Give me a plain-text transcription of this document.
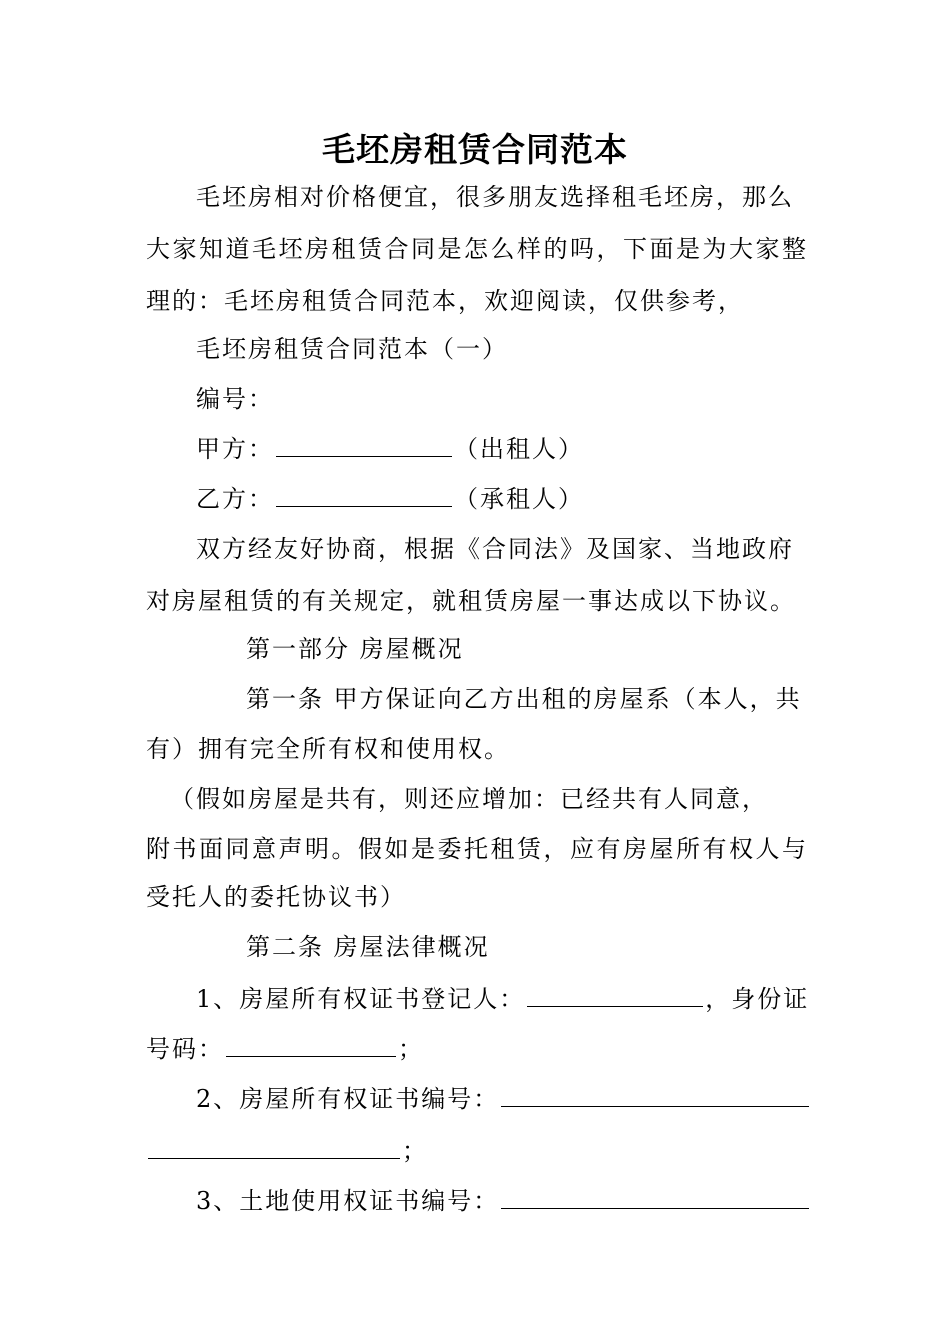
毛坯房租赁合同范本
毛坯房相对价格便宜，很多朋友选择租毛坯房，那么
大家知道毛坯房租赁合同是怎么样的吗，下面是为大家整
理的：毛坯房租赁合同范本，欢迎阅读，仅供参考，
毛坯房租赁合同范本（一）
编号：
甲方：	（出租人）
乙方：	（承租人）
双方经友好协商，根据《合同法》及国家、当地政府
对房屋租赁的有关规定，就租赁房屋一事达成以下协议。
第一部分 房屋概况
第一条 甲方保证向乙方出租的房屋系（本人，共
有）拥有完全所有权和使用权。
（假如房屋是共有，则还应增加：已经共有人同意，
附书面同意声明。假如是委托租赁，应有房屋所有权人与
受托人的委托协议书）
第二条 房屋法律概况
1、房屋所有权证书登记人：	，身份证
号码：	；
2、房屋所有权证书编号：
；
3、土地使用权证书编号：
